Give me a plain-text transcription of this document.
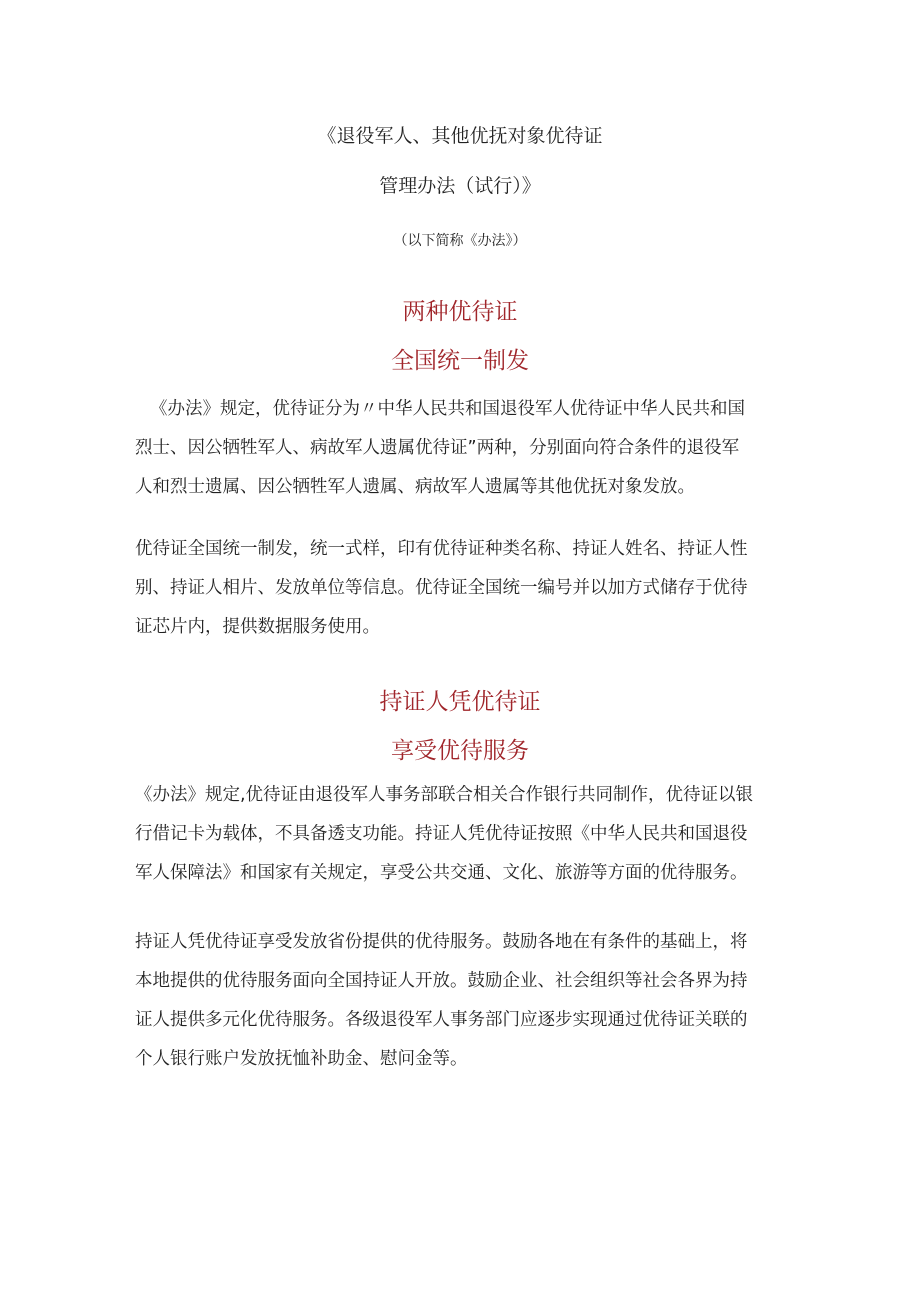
《退役军人、其他优抚对象优待证
管理办法（试行）》
（以下简称《办法》）
两种优待证
全国统一制发
《办法》规定，优待证分为〃中华人民共和国退役军人优待证中华人民共和国
烈士、因公牺牲军人、病故军人遗属优待证”两种，分别面向符合条件的退役军
人和烈士遗属、因公牺牲军人遗属、病故军人遗属等其他优抚对象发放。
优待证全国统一制发，统一式样，印有优待证种类名称、持证人姓名、持证人性
别、持证人相片、发放单位等信息。优待证全国统一编号并以加方式储存于优待
证芯片内，提供数据服务使用。
持证人凭优待证
享受优待服务
《办法》规定,优待证由退役军人事务部联合相关合作银行共同制作，优待证以银
行借记卡为载体，不具备透支功能。持证人凭优待证按照《中华人民共和国退役
军人保障法》和国家有关规定，享受公共交通、文化、旅游等方面的优待服务。
持证人凭优待证享受发放省份提供的优待服务。鼓励各地在有条件的基础上，将
本地提供的优待服务面向全国持证人开放。鼓励企业、社会组织等社会各界为持
证人提供多元化优待服务。各级退役军人事务部门应逐步实现通过优待证关联的
个人银行账户发放抚恤补助金、慰问金等。
